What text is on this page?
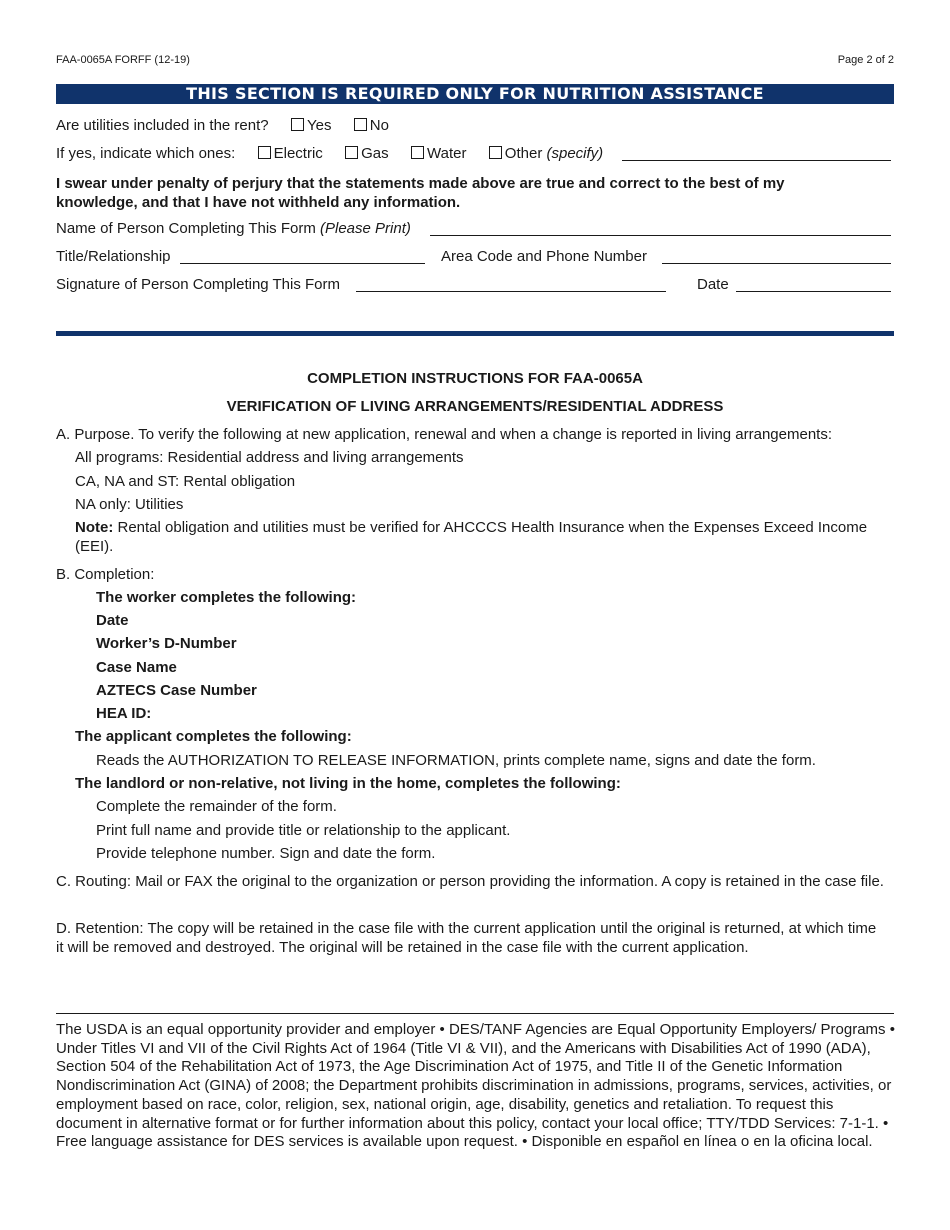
FAA-0065A FORFF (12-19)	Page 2 of 2
THIS SECTION IS REQUIRED ONLY FOR NUTRITION ASSISTANCE
Are utilities included in the rent?	Yes	No
If yes, indicate which ones:	Electric	Gas	Water	Other (specify)
I swear under penalty of perjury that the statements made above are true and correct to the best of my knowledge, and that I have not withheld any information.
Name of Person Completing This Form (Please Print)
Title/Relationship	Area Code and Phone Number
Signature of Person Completing This Form	Date
COMPLETION INSTRUCTIONS FOR FAA-0065A
VERIFICATION OF LIVING ARRANGEMENTS/RESIDENTIAL ADDRESS
A. Purpose. To verify the following at new application, renewal and when a change is reported in living arrangements:
All programs: Residential address and living arrangements
CA, NA and ST: Rental obligation
NA only: Utilities
Note: Rental obligation and utilities must be verified for AHCCCS Health Insurance when the Expenses Exceed Income (EEI).
B. Completion:
The worker completes the following:
Date
Worker’s D-Number
Case Name
AZTECS Case Number
HEA ID:
The applicant completes the following:
Reads the AUTHORIZATION TO RELEASE INFORMATION, prints complete name, signs and date the form.
The landlord or non-relative, not living in the home, completes the following:
Complete the remainder of the form.
Print full name and provide title or relationship to the applicant.
Provide telephone number. Sign and date the form.
C. Routing: Mail or FAX the original to the organization or person providing the information. A copy is retained in the case file.
D. Retention: The copy will be retained in the case file with the current application until the original is returned, at which time it will be removed and destroyed. The original will be retained in the case file with the current application.
The USDA is an equal opportunity provider and employer • DES/TANF Agencies are Equal Opportunity Employers/ Programs • Under Titles VI and VII of the Civil Rights Act of 1964 (Title VI & VII), and the Americans with Disabilities Act of 1990 (ADA), Section 504 of the Rehabilitation Act of 1973, the Age Discrimination Act of 1975, and Title II of the Genetic Information Nondiscrimination Act (GINA) of 2008; the Department prohibits discrimination in admissions, programs, services, activities, or employment based on race, color, religion, sex, national origin, age, disability, genetics and retaliation. To request this document in alternative format or for further information about this policy, contact your local office; TTY/TDD Services: 7-1-1. • Free language assistance for DES services is available upon request. • Disponible en español en línea o en la oficina local.
